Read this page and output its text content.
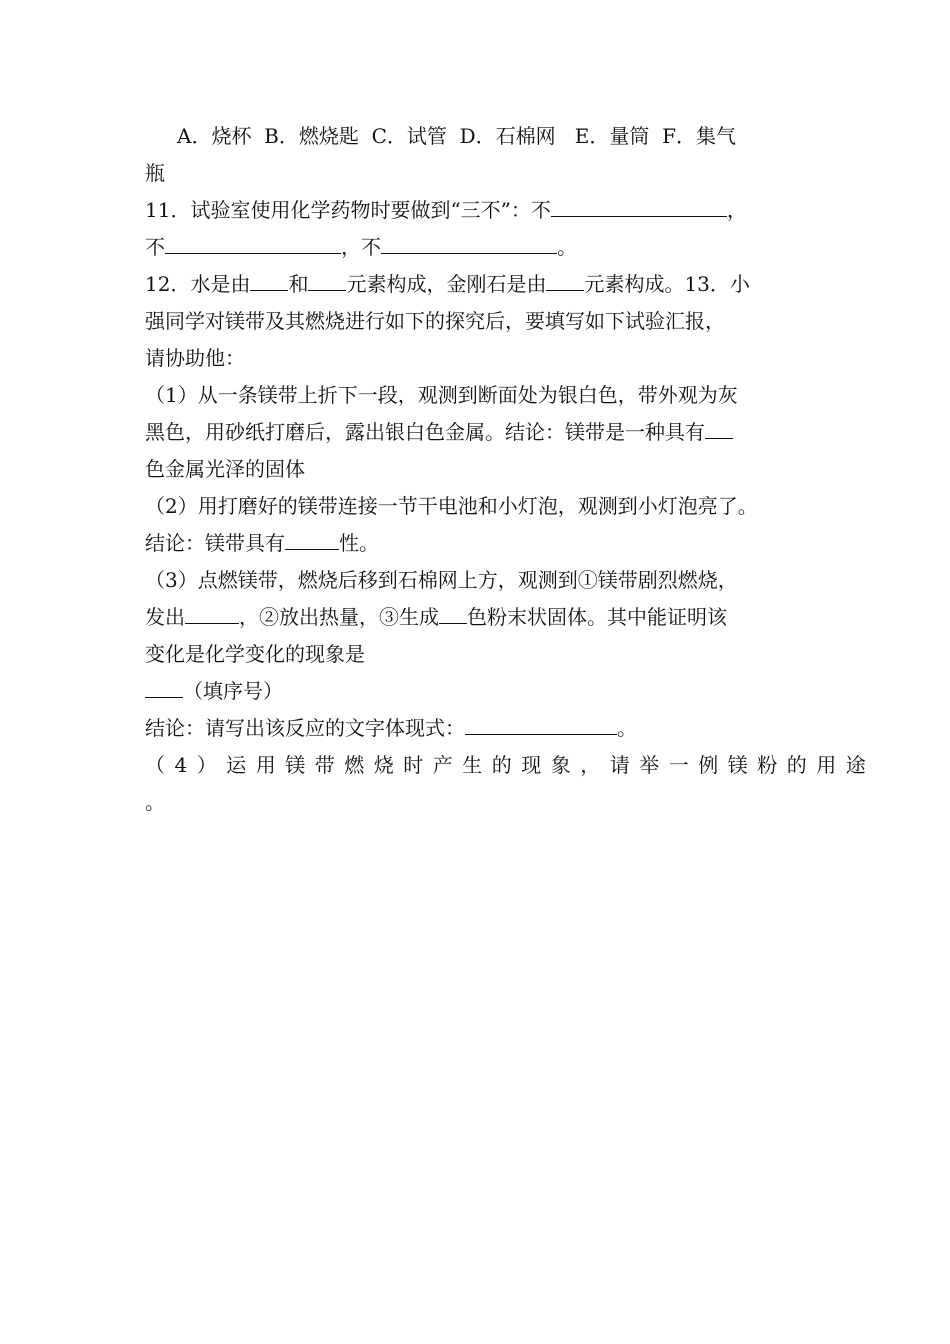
A．烧杯 B．燃烧匙 C．试管 D．石棉网 E．量筒 F．集气
瓶
11．试验室使用化学药物时要做到“三不”：不	，
不	，不	。
12．水是由 和 元素构成，金刚石是由 元素构成。13．小
强同学对镁带及其燃烧进行如下的探究后，要填写如下试验汇报，
请协助他：
（1）从一条镁带上折下一段，观测到断面处为银白色，带外观为灰
黑色，用砂纸打磨后，露出银白色金属。结论：镁带是一种具有
色金属光泽的固体
（2）用打磨好的镁带连接一节干电池和小灯泡，观测到小灯泡亮了。
结论：镁带具有	性。
（3）点燃镁带，燃烧后移到石棉网上方，观测到①镁带剧烈燃烧，
发出	，②放出热量，③生成 色粉末状固体。其中能证明该
变化是化学变化的现象是
（填序号）
结论：请写出该反应的文字体现式：	。
（4）运用镁带燃烧时产生的现象，请举一例镁粉的用途
。
